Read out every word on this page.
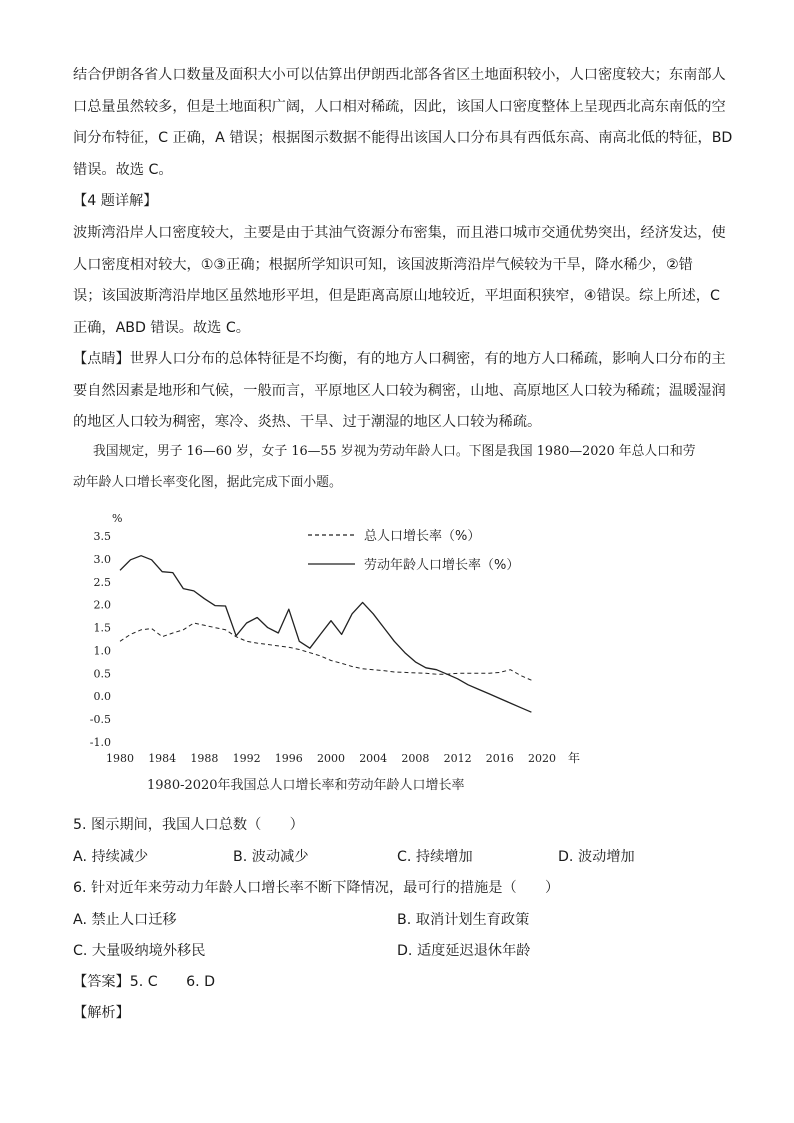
结合伊朗各省人口数量及面积大小可以估算出伊朗西北部各省区土地面积较小，人口密度较大；东南部人
口总量虽然较多，但是土地面积广阔，人口相对稀疏，因此，该国人口密度整体上呈现西北高东南低的空
间分布特征，C 正确，A 错误；根据图示数据不能得出该国人口分布具有西低东高、南高北低的特征，BD
错误。故选 C。
【4 题详解】
波斯湾沿岸人口密度较大，主要是由于其油气资源分布密集，而且港口城市交通优势突出，经济发达，使
人口密度相对较大，①③正确；根据所学知识可知，该国波斯湾沿岸气候较为干旱，降水稀少，②错
误；该国波斯湾沿岸地区虽然地形平坦，但是距离高原山地较近，平坦面积狭窄，④错误。综上所述，C
正确，ABD 错误。故选 C。
【点睛】世界人口分布的总体特征是不均衡，有的地方人口稠密，有的地方人口稀疏，影响人口分布的主
要自然因素是地形和气候，一般而言，平原地区人口较为稠密，山地、高原地区人口较为稀疏；温暖湿润
的地区人口较为稠密，寒冷、炎热、干旱、过于潮湿的地区人口较为稀疏。
我国规定，男子 16—60 岁，女子 16—55 岁视为劳动年龄人口。下图是我国 1980—2020 年总人口和劳
动年龄人口增长率变化图，据此完成下面小题。
%
3.5
3.0
2.5
2.0
1.5
1.0
0.5
0.0
-0.5
-1.0
1980 1984 1988 1992 1996 2000 2004 2008 2012 2016 2020 年
总人口增长率（%）
劳动年龄人口增长率（%）
1980-2020年我国总人口增长率和劳动年龄人口增长率
5. 图示期间，我国人口总数（　　）
A. 持续减少	B. 波动减少	C. 持续增加	D. 波动增加
6. 针对近年来劳动力年龄人口增长率不断下降情况，最可行的措施是（　　）
A. 禁止人口迁移	B. 取消计划生育政策
C. 大量吸纳境外移民	D. 适度延迟退休年龄
【答案】5. C　　6. D
【解析】
